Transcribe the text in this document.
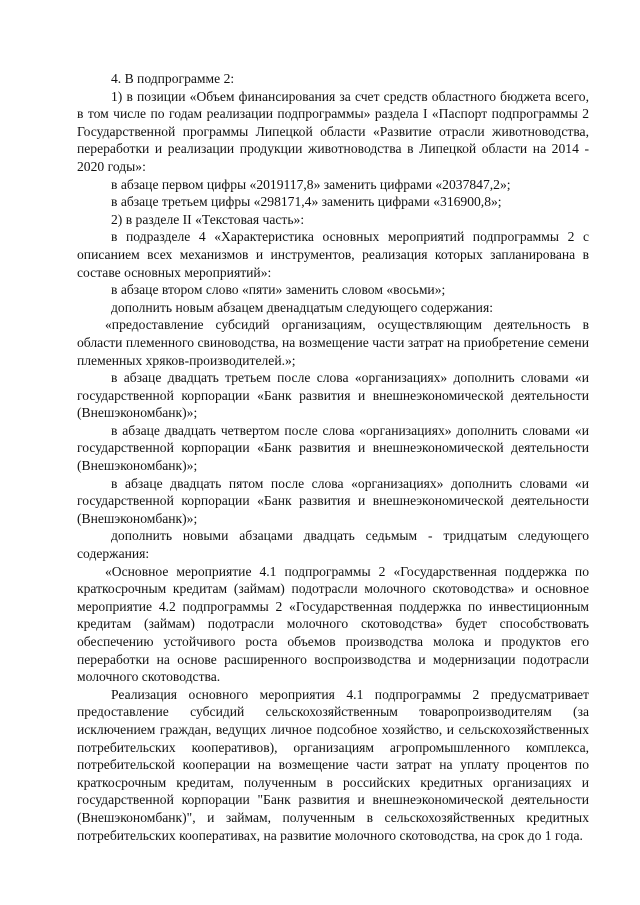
4. В подпрограмме 2:

1) в позиции «Объем финансирования за счет средств областного бюджета всего, в том числе по годам реализации подпрограммы» раздела I «Паспорт подпрограммы 2 Государственной программы Липецкой области «Развитие отрасли животноводства, переработки и реализации продукции животноводства в Липецкой области на 2014 - 2020 годы»:

в абзаце первом цифры «2019117,8» заменить цифрами «2037847,2»;

в абзаце третьем цифры «298171,4» заменить цифрами «316900,8»;

2) в разделе II «Текстовая часть»:

в подразделе 4 «Характеристика основных мероприятий подпрограммы 2 с описанием всех механизмов и инструментов, реализация которых запланирована в составе основных мероприятий»:

в абзаце втором слово «пяти» заменить словом «восьми»;

дополнить новым абзацем двенадцатым следующего содержания:

«предоставление субсидий организациям, осуществляющим деятельность в области племенного свиноводства, на возмещение части затрат на приобретение семени племенных хряков-производителей.»;

в абзаце двадцать третьем после слова «организациях» дополнить словами «и государственной корпорации «Банк развития и внешнеэкономической деятельности (Внешэкономбанк)»;

в абзаце двадцать четвертом после слова «организациях» дополнить словами «и государственной корпорации «Банк развития и внешнеэкономической деятельности (Внешэкономбанк)»;

в абзаце двадцать пятом после слова «организациях» дополнить словами «и государственной корпорации «Банк развития и внешнеэкономической деятельности (Внешэкономбанк)»;

дополнить новыми абзацами двадцать седьмым - тридцатым следующего содержания:

«Основное мероприятие 4.1 подпрограммы 2 «Государственная поддержка по краткосрочным кредитам (займам) подотрасли молочного скотоводства» и основное мероприятие 4.2 подпрограммы 2 «Государственная поддержка по инвестиционным кредитам (займам) подотрасли молочного скотоводства» будет способствовать обеспечению устойчивого роста объемов производства молока и продуктов его переработки на основе расширенного воспроизводства и модернизации подотрасли молочного скотоводства.

Реализация основного мероприятия 4.1 подпрограммы 2 предусматривает предоставление субсидий сельскохозяйственным товаропроизводителям (за исключением граждан, ведущих личное подсобное хозяйство, и сельскохозяйственных потребительских кооперативов), организациям агропромышленного комплекса, потребительской кооперации на возмещение части затрат на уплату процентов по краткосрочным кредитам, полученным в российских кредитных организациях и государственной корпорации "Банк развития и внешнеэкономической деятельности (Внешэкономбанк)", и займам, полученным в сельскохозяйственных кредитных потребительских кооперативах, на развитие молочного скотоводства, на срок до 1 года.
